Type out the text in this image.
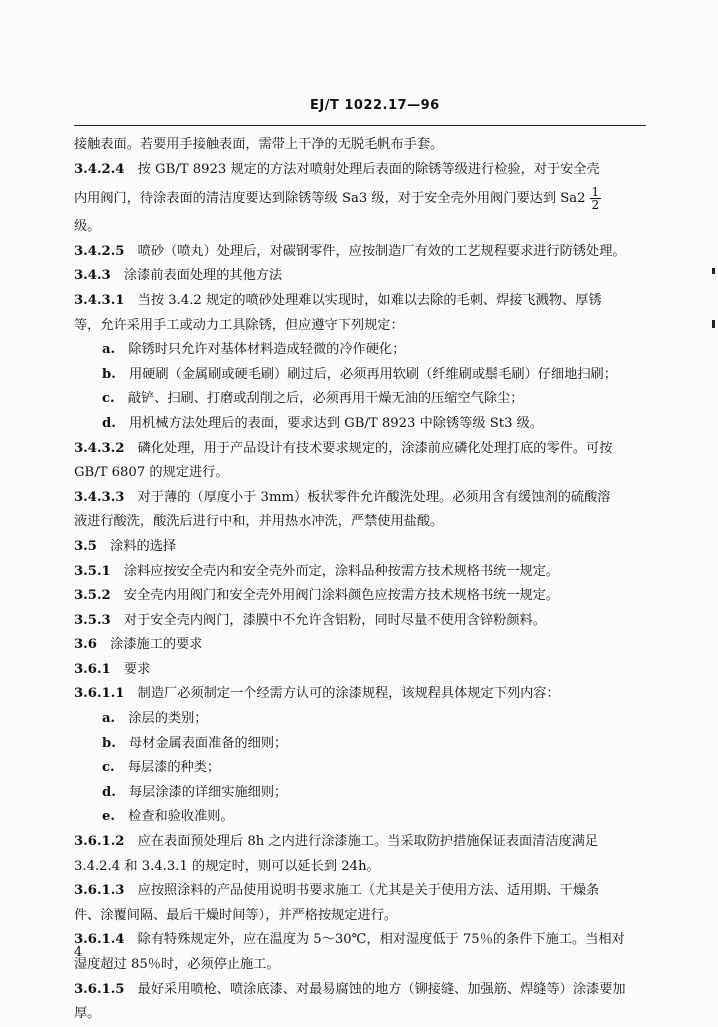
EJ/T 1022.17—96
接触表面。若要用手接触表面，需带上干净的无脱毛帆布手套。
3.4.2.4  按 GB/T 8923 规定的方法对喷射处理后表面的除锈等级进行检验，对于安全壳
内用阀门，待涂表面的清洁度要达到除锈等级 Sa3 级，对于安全壳外用阀门要达到 $Sa2 \frac{1}{2}$
级。
3.4.2.5  喷砂（喷丸）处理后，对碳钢零件，应按制造厂有效的工艺规程要求进行防锈处理。
3.4.3  涂漆前表面处理的其他方法
3.4.3.1  当按 3.4.2 规定的喷砂处理难以实现时，如难以去除的毛刺、焊接飞溅物、厚锈
等，允许采用手工或动力工具除锈，但应遵守下列规定：
a.  除锈时只允许对基体材料造成轻微的冷作硬化；
b.  用硬刷（金属刷或硬毛刷）刷过后，必须再用软刷（纤维刷或鬃毛刷）仔细地扫刷；
c.  敲铲、扫刷、打磨或刮削之后，必须再用干燥无油的压缩空气除尘；
d.  用机械方法处理后的表面，要求达到 GB/T 8923 中除锈等级 St3 级。
3.4.3.2  磷化处理，用于产品设计有技术要求规定的，涂漆前应磷化处理打底的零件。可按
GB/T 6807 的规定进行。
3.4.3.3  对于薄的（厚度小于 3mm）板状零件允许酸洗处理。必须用含有缓蚀剂的硫酸溶
液进行酸洗，酸洗后进行中和，并用热水冲洗，严禁使用盐酸。
3.5  涂料的选择
3.5.1  涂料应按安全壳内和安全壳外而定，涂料品种按需方技术规格书统一规定。
3.5.2  安全壳内用阀门和安全壳外用阀门涂料颜色应按需方技术规格书统一规定。
3.5.3  对于安全壳内阀门，漆膜中不允许含铝粉，同时尽量不使用含锌粉颜料。
3.6  涂漆施工的要求
3.6.1  要求
3.6.1.1  制造厂必须制定一个经需方认可的涂漆规程，该规程具体规定下列内容：
a.  涂层的类别；
b.  母材金属表面准备的细则；
c.  每层漆的种类；
d.  每层涂漆的详细实施细则；
e.  检查和验收准则。
3.6.1.2  应在表面预处理后 8h 之内进行涂漆施工。当采取防护措施保证表面清洁度满足
3.4.2.4 和 3.4.3.1 的规定时，则可以延长到 24h。
3.6.1.3  应按照涂料的产品使用说明书要求施工（尤其是关于使用方法、适用期、干燥条
件、涂覆间隔、最后干燥时间等），并严格按规定进行。
3.6.1.4  除有特殊规定外，应在温度为 5～30℃，相对湿度低于 75％的条件下施工。当相对
湿度超过 85％时，必须停止施工。
3.6.1.5  最好采用喷枪、喷涂底漆、对最易腐蚀的地方（铆接缝、加强筋、焊缝等）涂漆要加
厚。
4
